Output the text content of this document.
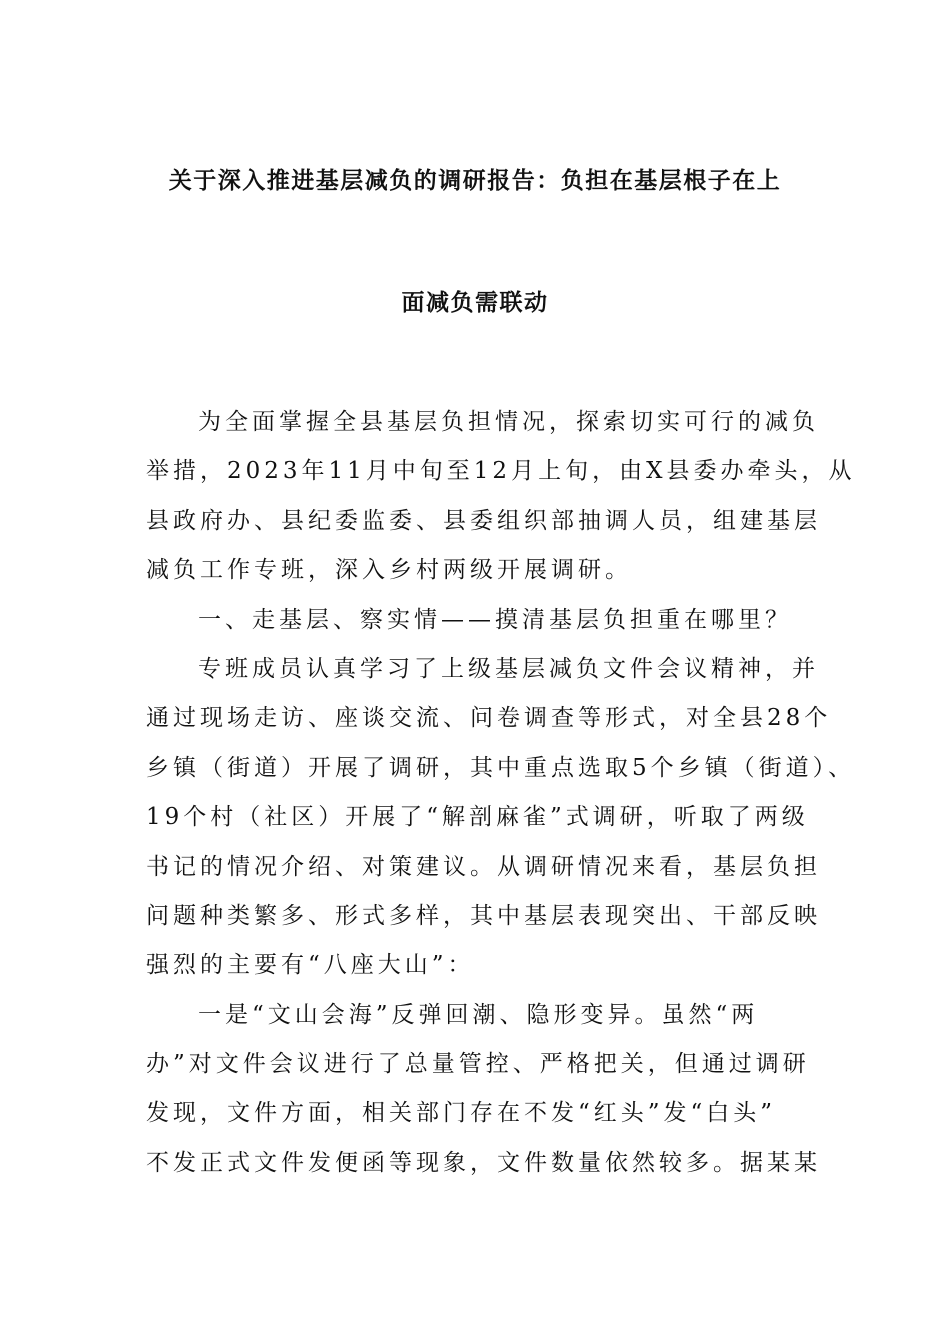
关于深入推进基层减负的调研报告：负担在基层根子在上
面减负需联动
为全面掌握全县基层负担情况，探索切实可行的减负
举措，2023年11月中旬至12月上旬，由X县委办牵头，从
县政府办、县纪委监委、县委组织部抽调人员，组建基层
减负工作专班，深入乡村两级开展调研。
一、走基层、察实情——摸清基层负担重在哪里？
专班成员认真学习了上级基层减负文件会议精神，并
通过现场走访、座谈交流、问卷调查等形式，对全县28个
乡镇（街道）开展了调研，其中重点选取5个乡镇（街道）、
19个村（社区）开展了“解剖麻雀”式调研，听取了两级
书记的情况介绍、对策建议。从调研情况来看，基层负担
问题种类繁多、形式多样，其中基层表现突出、干部反映
强烈的主要有“八座大山”：
一是“文山会海”反弹回潮、隐形变异。虽然“两
办”对文件会议进行了总量管控、严格把关，但通过调研
发现，文件方面，相关部门存在不发“红头”发“白头”
不发正式文件发便函等现象，文件数量依然较多。据某某
